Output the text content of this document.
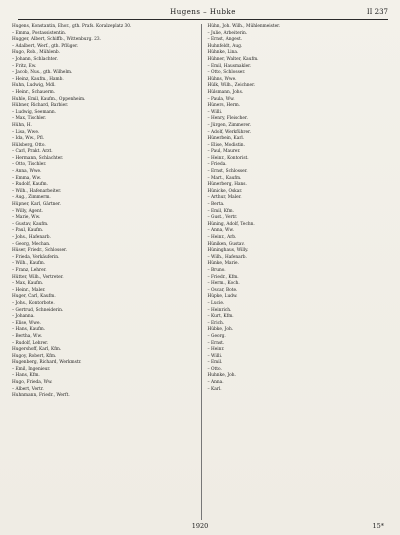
Hugens – Hubke	II 237
Hugens, Konstantin, Ehor., gth. Prafs. Koralzeplatz 30.
– Emma, Postassistentin.
Hugger, Albert, Schiffb., Wittenburg. 23.
– Adalbert, Werf., gth. Pflüger.
Hugo, Rob., Mühlenb.
– Johann, Schlachter.
– Fritz, Ew.
– Jacob, Nus., gth. Wilhelm.
– Heinz, Kaufm., Hamb.
Huhn, Ludwig, Mdl.
– Heinr., Schauerm.
Huhle, Emil, Kaufm., Oppenheim.
Hübner, Richard, Barbier.
– Ludwig, Seemann.
– Max, Tischler.
Hühn, H.
– Lisa, Wwe.
– Ida, Ww., Pfl.
Hülsberg, Otto.
– Carl, Prakt. Arzt.
– Hermann, Schlachter.
– Otto, Tischler.
– Anna, Wwe.
– Emma, Ww.
– Rudolf, Kaufm.
– Wilh., Hafenarbeiter.
– Aug., Zimmerm.
Hüpner, Karl, Gärtner.
– Willy, Agent.
– Marie, Ww.
– Gustav, Kaufm.
– Paul, Kaufm.
– Johs., Hafenarb.
– Georg, Mechan.
Hüser, Friedr., Schlosser.
– Frieda, Verkäuferin.
– Wilh., Kaufm.
– Franz, Lehrer.
Hütter, Wilh., Vertreter.
– Max, Kaufm.
– Heinr., Maler.
Huger, Carl, Kaufm.
– Johs., Kontorbote.
– Gertrud, Schneiderin.
– Johanna.
– Elise, Wwe.
– Hans, Kaufm.
– Bertha, Ww.
– Rudolf, Lehrer.
Hugershoff, Karl, Kfm.
Hugoy, Robert, Kfm.
Hugenberg, Richard, Werkmstr.
– Emil, Ingenieur.
– Hans, Kfm.
Hugo, Frieda, Ww.
– Albert, Vertr.
Huhnmann, Friedr., Werft.
Hühn, Joh. Wilh., Mühlenmeister.
– Julie, Arbeiterin.
– Ernst, Angest.
Huhnfeldt, Aug.
Hühnke, Lina.
Hühner, Walter, Kaufm.
– Emil, Hausmakler.
– Otto, Schlosser.
Hühns, Wwe.
Hülk, Wilh., Zeichner.
Hülsmann, Johs.
– Paula, Ww.
Hüners, Herm.
– Willi.
– Henry, Fleischer.
– Jürgen, Zimmerer.
– Adolf, Werkführer.
Hünerbein, Karl.
– Elise, Modistin.
– Paul, Maurer.
– Heinr., Kontorist.
– Frieda.
– Ernst, Schlosser.
– Mart., Kaufm.
Hünerberg, Hans.
Hünicke, Oskar.
– Arthur, Maler.
– Berta.
– Emil, Kfm.
– Gust., Vertr.
Hüning, Adolf, Techn.
– Anna, Ww.
– Heinr., Arb.
Hüniken, Gustav.
Hüninghaus, Willy.
– Wilh., Hafenarb.
Hünke, Marie.
– Bruno.
– Friedr., Kfm.
– Herm., Koch.
– Oscar, Bote.
Hüpke, Ludw.
– Lucie.
– Heinrich.
– Kurt, Kfm.
– Erich.
Hübke, Joh.
– Georg.
– Ernst.
– Heinr.
– Willi.
– Emil.
– Otto.
Huhnke, Joh.
– Anna.
– Karl.
1920	15*
